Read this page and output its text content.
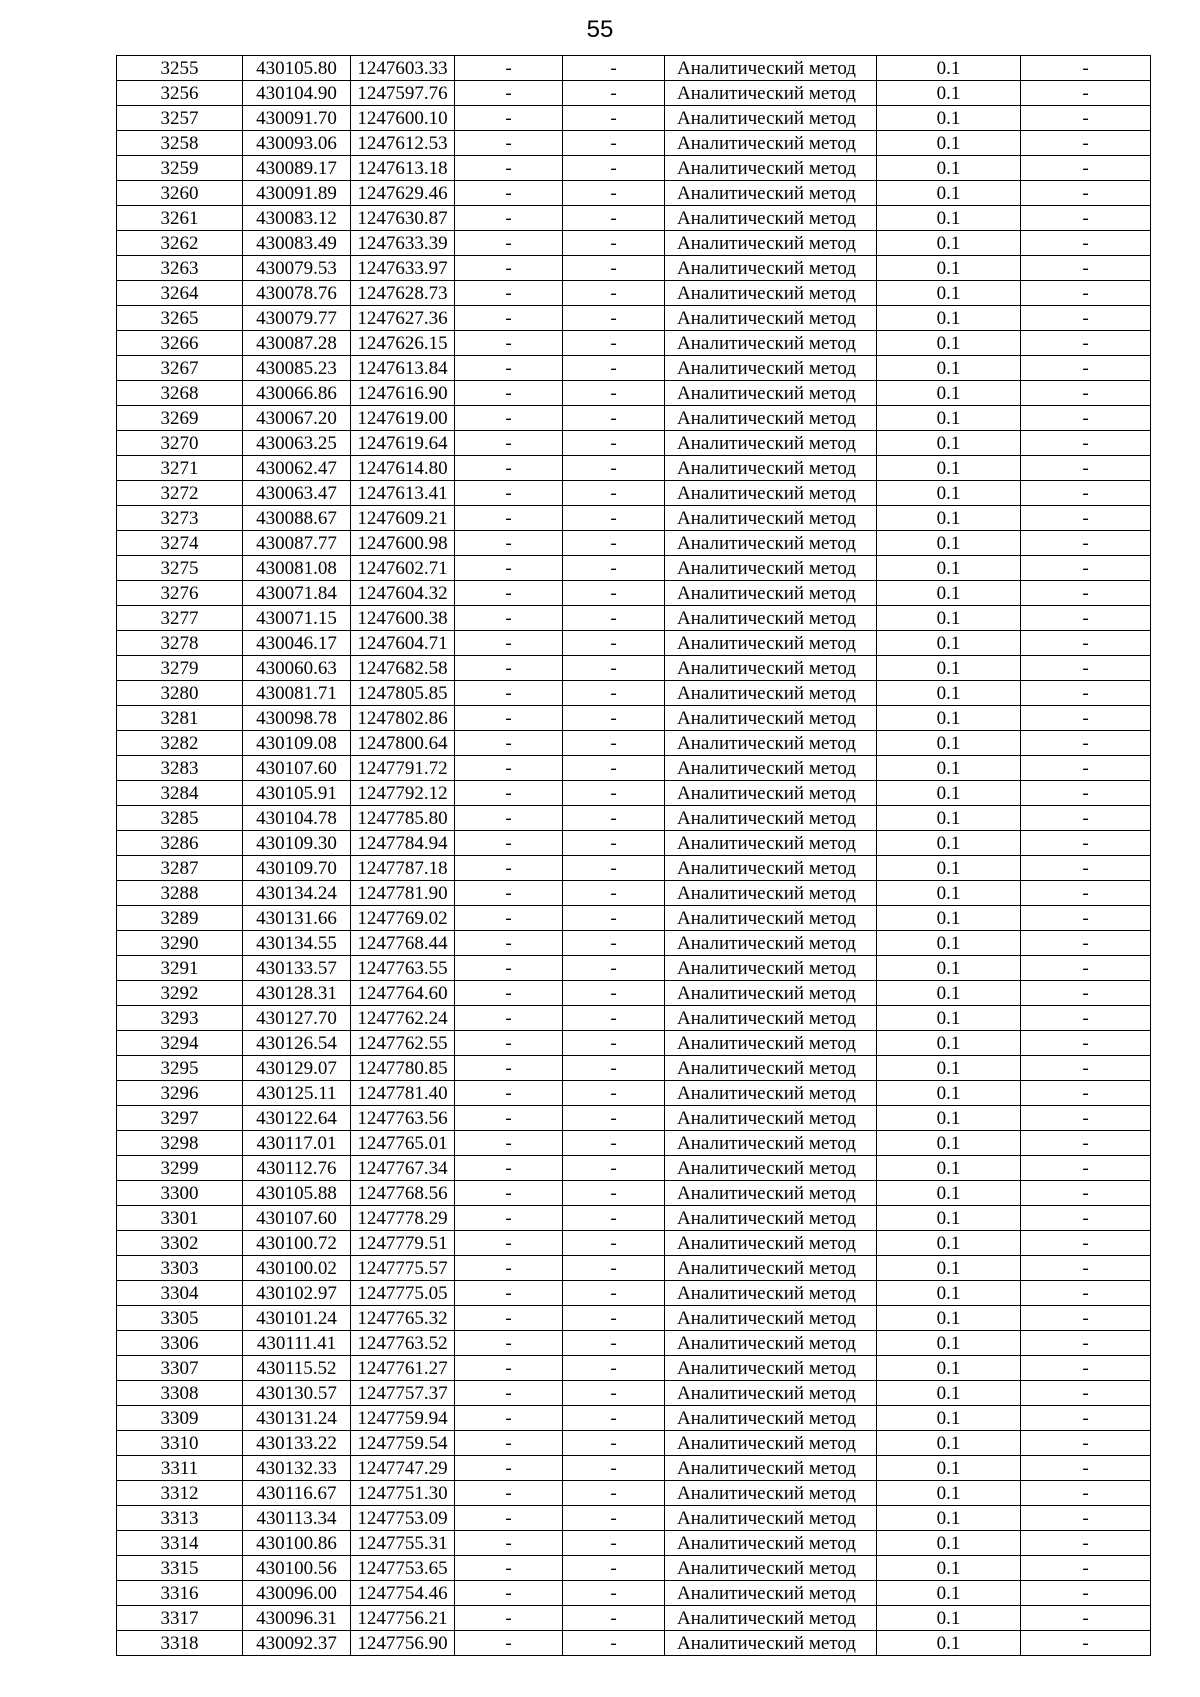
55
3255	430105.80	1247603.33	-	-	Аналитический метод	0.1	-
3256	430104.90	1247597.76	-	-	Аналитический метод	0.1	-
3257	430091.70	1247600.10	-	-	Аналитический метод	0.1	-
3258	430093.06	1247612.53	-	-	Аналитический метод	0.1	-
3259	430089.17	1247613.18	-	-	Аналитический метод	0.1	-
3260	430091.89	1247629.46	-	-	Аналитический метод	0.1	-
3261	430083.12	1247630.87	-	-	Аналитический метод	0.1	-
3262	430083.49	1247633.39	-	-	Аналитический метод	0.1	-
3263	430079.53	1247633.97	-	-	Аналитический метод	0.1	-
3264	430078.76	1247628.73	-	-	Аналитический метод	0.1	-
3265	430079.77	1247627.36	-	-	Аналитический метод	0.1	-
3266	430087.28	1247626.15	-	-	Аналитический метод	0.1	-
3267	430085.23	1247613.84	-	-	Аналитический метод	0.1	-
3268	430066.86	1247616.90	-	-	Аналитический метод	0.1	-
3269	430067.20	1247619.00	-	-	Аналитический метод	0.1	-
3270	430063.25	1247619.64	-	-	Аналитический метод	0.1	-
3271	430062.47	1247614.80	-	-	Аналитический метод	0.1	-
3272	430063.47	1247613.41	-	-	Аналитический метод	0.1	-
3273	430088.67	1247609.21	-	-	Аналитический метод	0.1	-
3274	430087.77	1247600.98	-	-	Аналитический метод	0.1	-
3275	430081.08	1247602.71	-	-	Аналитический метод	0.1	-
3276	430071.84	1247604.32	-	-	Аналитический метод	0.1	-
3277	430071.15	1247600.38	-	-	Аналитический метод	0.1	-
3278	430046.17	1247604.71	-	-	Аналитический метод	0.1	-
3279	430060.63	1247682.58	-	-	Аналитический метод	0.1	-
3280	430081.71	1247805.85	-	-	Аналитический метод	0.1	-
3281	430098.78	1247802.86	-	-	Аналитический метод	0.1	-
3282	430109.08	1247800.64	-	-	Аналитический метод	0.1	-
3283	430107.60	1247791.72	-	-	Аналитический метод	0.1	-
3284	430105.91	1247792.12	-	-	Аналитический метод	0.1	-
3285	430104.78	1247785.80	-	-	Аналитический метод	0.1	-
3286	430109.30	1247784.94	-	-	Аналитический метод	0.1	-
3287	430109.70	1247787.18	-	-	Аналитический метод	0.1	-
3288	430134.24	1247781.90	-	-	Аналитический метод	0.1	-
3289	430131.66	1247769.02	-	-	Аналитический метод	0.1	-
3290	430134.55	1247768.44	-	-	Аналитический метод	0.1	-
3291	430133.57	1247763.55	-	-	Аналитический метод	0.1	-
3292	430128.31	1247764.60	-	-	Аналитический метод	0.1	-
3293	430127.70	1247762.24	-	-	Аналитический метод	0.1	-
3294	430126.54	1247762.55	-	-	Аналитический метод	0.1	-
3295	430129.07	1247780.85	-	-	Аналитический метод	0.1	-
3296	430125.11	1247781.40	-	-	Аналитический метод	0.1	-
3297	430122.64	1247763.56	-	-	Аналитический метод	0.1	-
3298	430117.01	1247765.01	-	-	Аналитический метод	0.1	-
3299	430112.76	1247767.34	-	-	Аналитический метод	0.1	-
3300	430105.88	1247768.56	-	-	Аналитический метод	0.1	-
3301	430107.60	1247778.29	-	-	Аналитический метод	0.1	-
3302	430100.72	1247779.51	-	-	Аналитический метод	0.1	-
3303	430100.02	1247775.57	-	-	Аналитический метод	0.1	-
3304	430102.97	1247775.05	-	-	Аналитический метод	0.1	-
3305	430101.24	1247765.32	-	-	Аналитический метод	0.1	-
3306	430111.41	1247763.52	-	-	Аналитический метод	0.1	-
3307	430115.52	1247761.27	-	-	Аналитический метод	0.1	-
3308	430130.57	1247757.37	-	-	Аналитический метод	0.1	-
3309	430131.24	1247759.94	-	-	Аналитический метод	0.1	-
3310	430133.22	1247759.54	-	-	Аналитический метод	0.1	-
3311	430132.33	1247747.29	-	-	Аналитический метод	0.1	-
3312	430116.67	1247751.30	-	-	Аналитический метод	0.1	-
3313	430113.34	1247753.09	-	-	Аналитический метод	0.1	-
3314	430100.86	1247755.31	-	-	Аналитический метод	0.1	-
3315	430100.56	1247753.65	-	-	Аналитический метод	0.1	-
3316	430096.00	1247754.46	-	-	Аналитический метод	0.1	-
3317	430096.31	1247756.21	-	-	Аналитический метод	0.1	-
3318	430092.37	1247756.90	-	-	Аналитический метод	0.1	-
